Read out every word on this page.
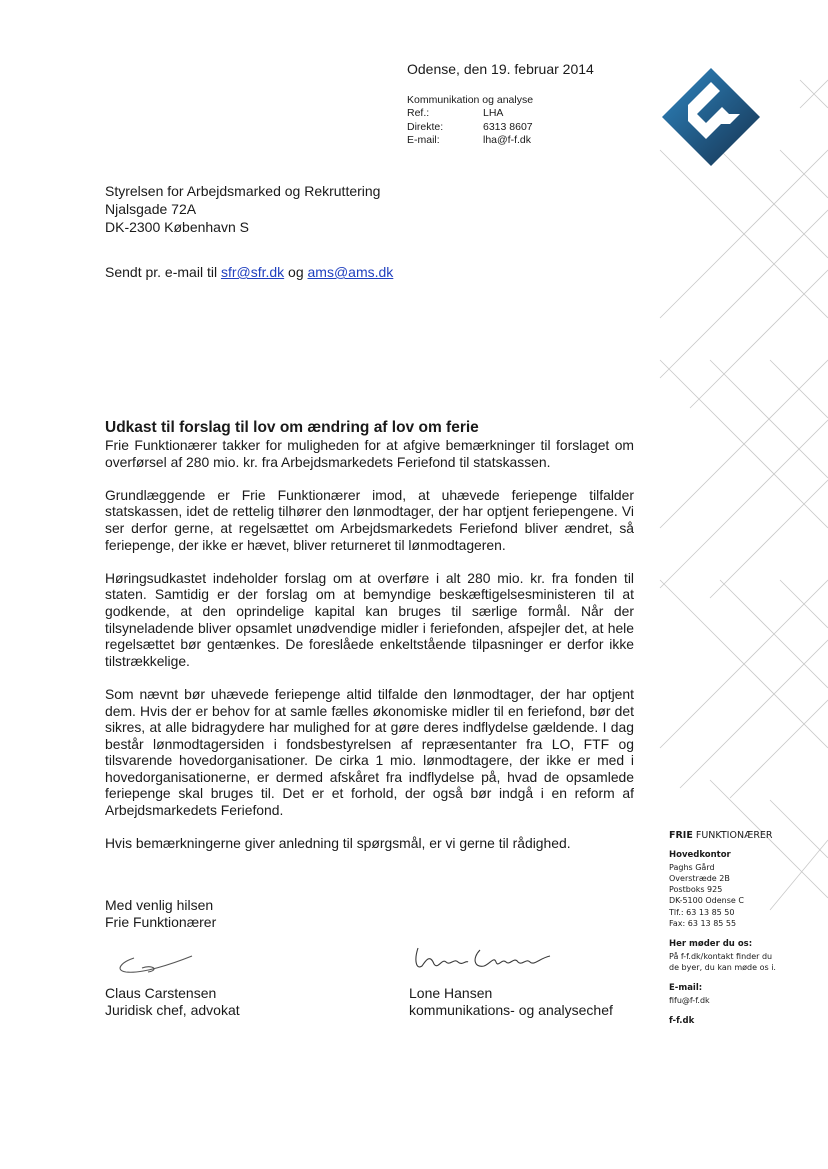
Odense, den 19. februar 2014
Kommunikation og analyse
Ref.:	LHA
Direkte:	6313 8607
E-mail:	lha@f-f.dk
Styrelsen for Arbejdsmarked og Rekruttering
Njalsgade 72A
DK-2300 København S
Sendt pr. e-mail til sfr@sfr.dk og ams@ams.dk
Udkast til forslag til lov om ændring af lov om ferie

Frie Funktionærer takker for muligheden for at afgive bemærkninger til forslaget om overførsel af 280 mio. kr. fra Arbejdsmarkedets Feriefond til statskassen.

Grundlæggende er Frie Funktionærer imod, at uhævede feriepenge tilfalder statskassen, idet de rettelig tilhører den lønmodtager, der har optjent feriepengene. Vi ser derfor gerne, at regelsættet om Arbejdsmarkedets Feriefond bliver ændret, så feriepenge, der ikke er hævet, bliver returneret til lønmodtageren.

Høringsudkastet indeholder forslag om at overføre i alt 280 mio. kr. fra fonden til staten. Samtidig er der forslag om at bemyndige beskæftigelsesministeren til at godkende, at den oprindelige kapital kan bruges til særlige formål. Når der tilsyneladende bliver opsamlet unødvendige midler i feriefonden, afspejler det, at hele regelsættet bør gentænkes. De foreslåede enkeltstående tilpasninger er derfor ikke tilstrækkelige.

Som nævnt bør uhævede feriepenge altid tilfalde den lønmodtager, der har optjent dem. Hvis der er behov for at samle fælles økonomiske midler til en feriefond, bør det sikres, at alle bidragydere har mulighed for at gøre deres indflydelse gældende. I dag består lønmodtagersiden i fondsbestyrelsen af repræsentanter fra LO, FTF og tilsvarende hovedorganisationer. De cirka 1 mio. lønmodtagere, der ikke er med i hovedorganisationerne, er dermed afskåret fra indflydelse på, hvad de opsamlede feriepenge skal bruges til. Det er et forhold, der også bør indgå i en reform af Arbejdsmarkedets Feriefond.

Hvis bemærkningerne giver anledning til spørgsmål, er vi gerne til rådighed.

Med venlig hilsen
Frie Funktionærer
Claus Carstensen
Juridisk chef, advokat
Lone Hansen
kommunikations- og analysechef
FRIE FUNKTIONÆRER
Hovedkontor
Paghs Gård
Overstræde 2B
Postboks 925
DK-5100 Odense C
Tlf.: 63 13 85 50
Fax: 63 13 85 55
Her møder du os:
På f-f.dk/kontakt finder du
de byer, du kan møde os i.
E-mail:
fifu@f-f.dk
f-f.dk
